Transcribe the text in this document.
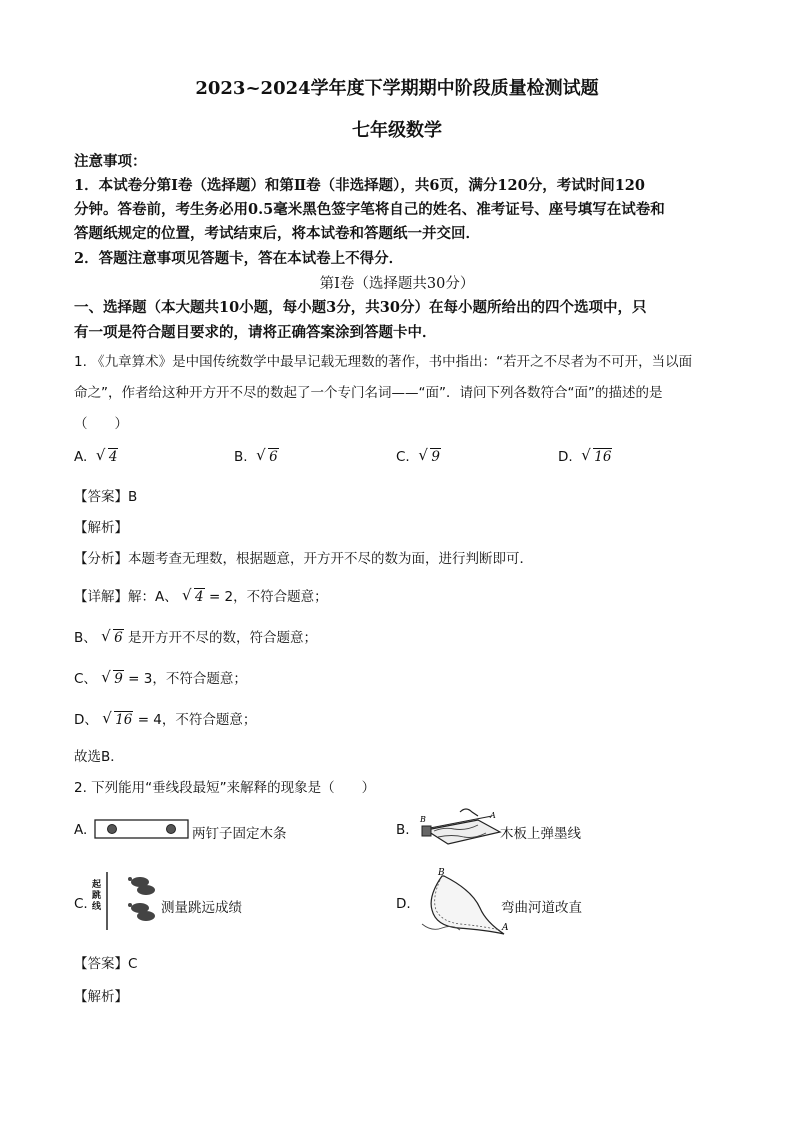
2023~2024学年度下学期期中阶段质量检测试题
七年级数学
注意事项：
1．本试卷分第Ⅰ卷（选择题）和第Ⅱ卷（非选择题），共6页，满分120分，考试时间120
分钟。答卷前，考生务必用0.5毫米黑色签字笔将自己的姓名、准考证号、座号填写在试卷和
答题纸规定的位置，考试结束后，将本试卷和答题纸一并交回．
2．答题注意事项见答题卡，答在本试卷上不得分．
第Ⅰ卷（选择题共30分）
一、选择题（本大题共10小题，每小题3分，共30分）在每小题所给出的四个选项中，只
有一项是符合题目要求的，请将正确答案涂到答题卡中．
1. 《九章算术》是中国传统数学中最早记载无理数的著作，书中指出：“若开之不尽者为不可开，当以面
命之”，作者给这种开方开不尽的数起了一个专门名词——“面”．请问下列各数符合“面”的描述的是
（　　）
A. √ 4	B. √ 6	C. √ 9	D. √ 16
【答案】B
【解析】
【分析】本题考查无理数，根据题意，开方开不尽的数为面，进行判断即可．
【详解】解：A、 √ 4 = 2，不符合题意；
B、 √ 6 是开方开不尽的数，符合题意；
C、 √ 9 = 3，不符合题意；
D、 √ 16 = 4，不符合题意；
故选B．
2. 下列能用“垂线段最短”来解释的现象是（　　）
A.	两钉子固定木条	B.
B	A
木板上弹墨线
C.
起跳线	测量跳远成绩	D.
B
A
弯曲河道改直
【答案】C
【解析】
